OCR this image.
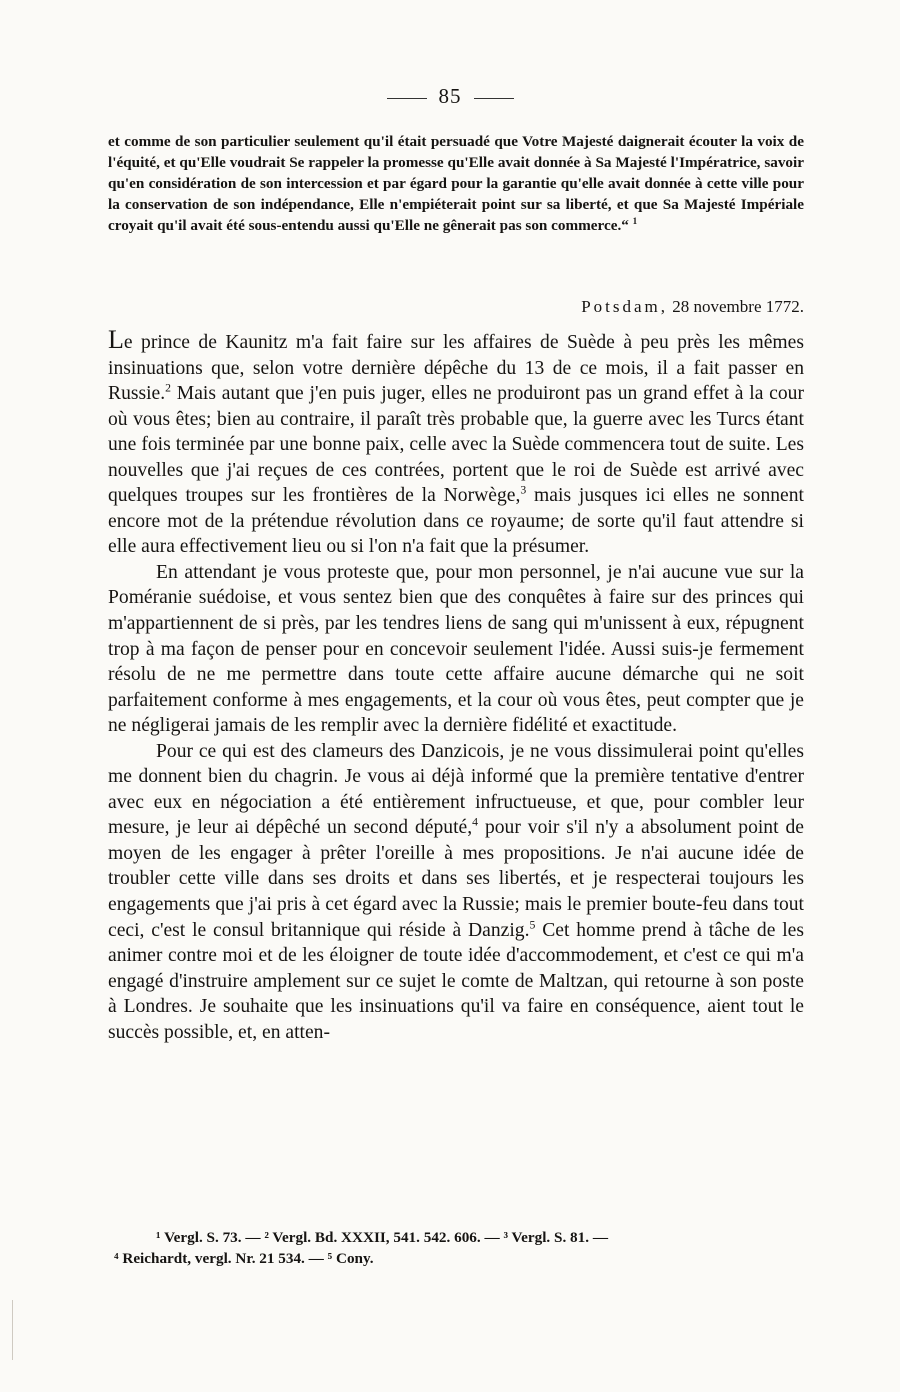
85

et comme de son particulier seulement qu'il était persuadé que Votre Majesté daignerait écouter la voix de l'équité, et qu'Elle voudrait Se rappeler la promesse qu'Elle avait donnée à Sa Majesté l'Impératrice, savoir qu'en considération de son intercession et par égard pour la garantie qu'elle avait donnée à cette ville pour la conservation de son indépendance, Elle n'empiéterait point sur sa liberté, et que Sa Majesté Impériale croyait qu'il avait été sous-entendu aussi qu'Elle ne gênerait pas son commerce.“ $^1$

Potsdam, 28 novembre 1772.

Le prince de Kaunitz m'a fait faire sur les affaires de Suède à peu près les mêmes insinuations que, selon votre dernière dépêche du 13 de ce mois, il a fait passer en Russie.$^2$ Mais autant que j'en puis juger, elles ne produiront pas un grand effet à la cour où vous êtes; bien au contraire, il paraît très probable que, la guerre avec les Turcs étant une fois terminée par une bonne paix, celle avec la Suède commencera tout de suite. Les nouvelles que j'ai reçues de ces contrées, portent que le roi de Suède est arrivé avec quelques troupes sur les frontières de la Norwège,$^3$ mais jusques ici elles ne sonnent encore mot de la prétendue révolution dans ce royaume; de sorte qu'il faut attendre si elle aura effectivement lieu ou si l'on n'a fait que la présumer.

En attendant je vous proteste que, pour mon personnel, je n'ai aucune vue sur la Poméranie suédoise, et vous sentez bien que des conquêtes à faire sur des princes qui m'appartiennent de si près, par les tendres liens de sang qui m'unissent à eux, répugnent trop à ma façon de penser pour en concevoir seulement l'idée. Aussi suis-je fermement résolu de ne me permettre dans toute cette affaire aucune démarche qui ne soit parfaitement conforme à mes engagements, et la cour où vous êtes, peut compter que je ne négligerai jamais de les remplir avec la dernière fidélité et exactitude.

Pour ce qui est des clameurs des Danzicois, je ne vous dissimulerai point qu'elles me donnent bien du chagrin. Je vous ai déjà informé que la première tentative d'entrer avec eux en négociation a été entièrement infructueuse, et que, pour combler leur mesure, je leur ai dépêché un second député,$^4$ pour voir s'il n'y a absolument point de moyen de les engager à prêter l'oreille à mes propositions. Je n'ai aucune idée de troubler cette ville dans ses droits et dans ses libertés, et je respecterai toujours les engagements que j'ai pris à cet égard avec la Russie; mais le premier boute-feu dans tout ceci, c'est le consul britannique qui réside à Danzig.$^5$ Cet homme prend à tâche de les animer contre moi et de les éloigner de toute idée d'accommodement, et c'est ce qui m'a engagé d'instruire amplement sur ce sujet le comte de Maltzan, qui retourne à son poste à Londres. Je souhaite que les insinuations qu'il va faire en conséquence, aient tout le succès possible, et, en atten-

¹ Vergl. S. 73. — ² Vergl. Bd. XXXII, 541. 542. 606. — ³ Vergl. S. 81. —

⁴ Reichardt, vergl. Nr. 21 534. — ⁵ Cony.
